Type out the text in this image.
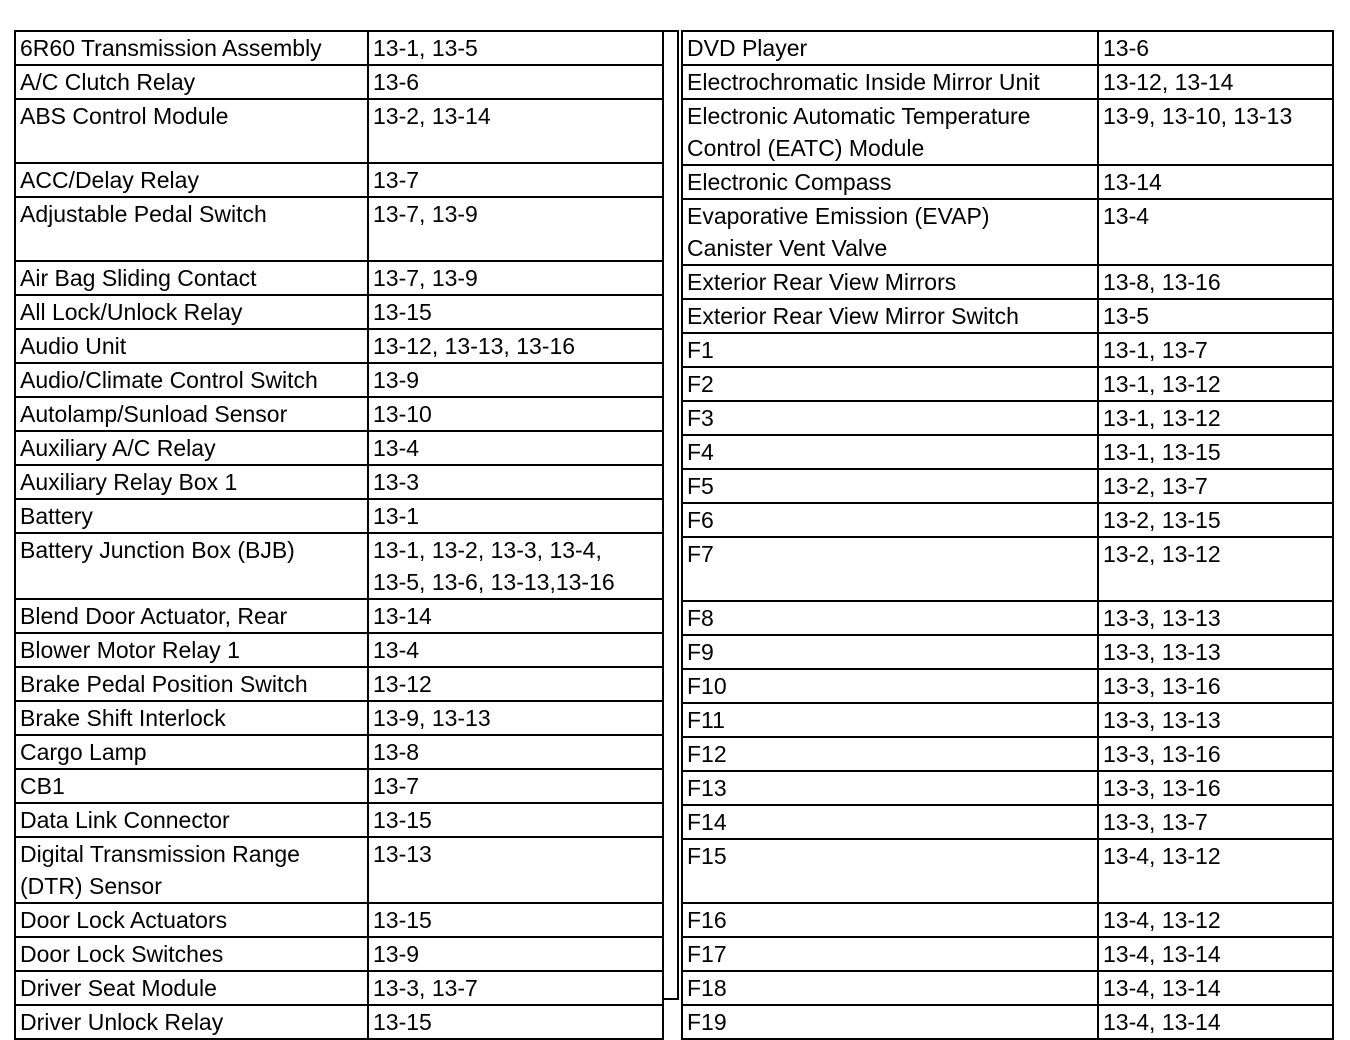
6R60 Transmission Assembly	13-1, 13-5

A/C Clutch Relay	13-6

ABS Control Module	13-2, 13-14

ACC/Delay Relay	13-7

Adjustable Pedal Switch	13-7, 13-9

Air Bag Sliding Contact	13-7, 13-9

All Lock/Unlock Relay	13-15

Audio Unit	13-12, 13-13, 13-16

Audio/Climate Control Switch	13-9

Autolamp/Sunload Sensor	13-10

Auxiliary A/C Relay	13-4

Auxiliary Relay Box 1	13-3

Battery	13-1

Battery Junction Box (BJB)	13-1, 13-2, 13-3, 13-4,
13-5, 13-6, 13-13,13-16

Blend Door Actuator, Rear	13-14

Blower Motor Relay 1	13-4

Brake Pedal Position Switch	13-12

Brake Shift Interlock	13-9, 13-13

Cargo Lamp	13-8

CB1	13-7

Data Link Connector	13-15

Digital Transmission Range
(DTR) Sensor	13-13

Door Lock Actuators	13-15

Door Lock Switches	13-9

Driver Seat Module	13-3, 13-7

Driver Unlock Relay	13-15
DVD Player	13-6

Electrochromatic Inside Mirror Unit	13-12, 13-14

Electronic Automatic Temperature
Control (EATC) Module	13-9, 13-10, 13-13

Electronic Compass	13-14

Evaporative Emission (EVAP)
Canister Vent Valve	13-4

Exterior Rear View Mirrors	13-8, 13-16

Exterior Rear View Mirror Switch	13-5

F1	13-1, 13-7

F2	13-1, 13-12

F3	13-1, 13-12

F4	13-1, 13-15

F5	13-2, 13-7

F6	13-2, 13-15

F7	13-2, 13-12

F8	13-3, 13-13

F9	13-3, 13-13

F10	13-3, 13-16

F11	13-3, 13-13

F12	13-3, 13-16

F13	13-3, 13-16

F14	13-3, 13-7

F15	13-4, 13-12

F16	13-4, 13-12

F17	13-4, 13-14

F18	13-4, 13-14

F19	13-4, 13-14
